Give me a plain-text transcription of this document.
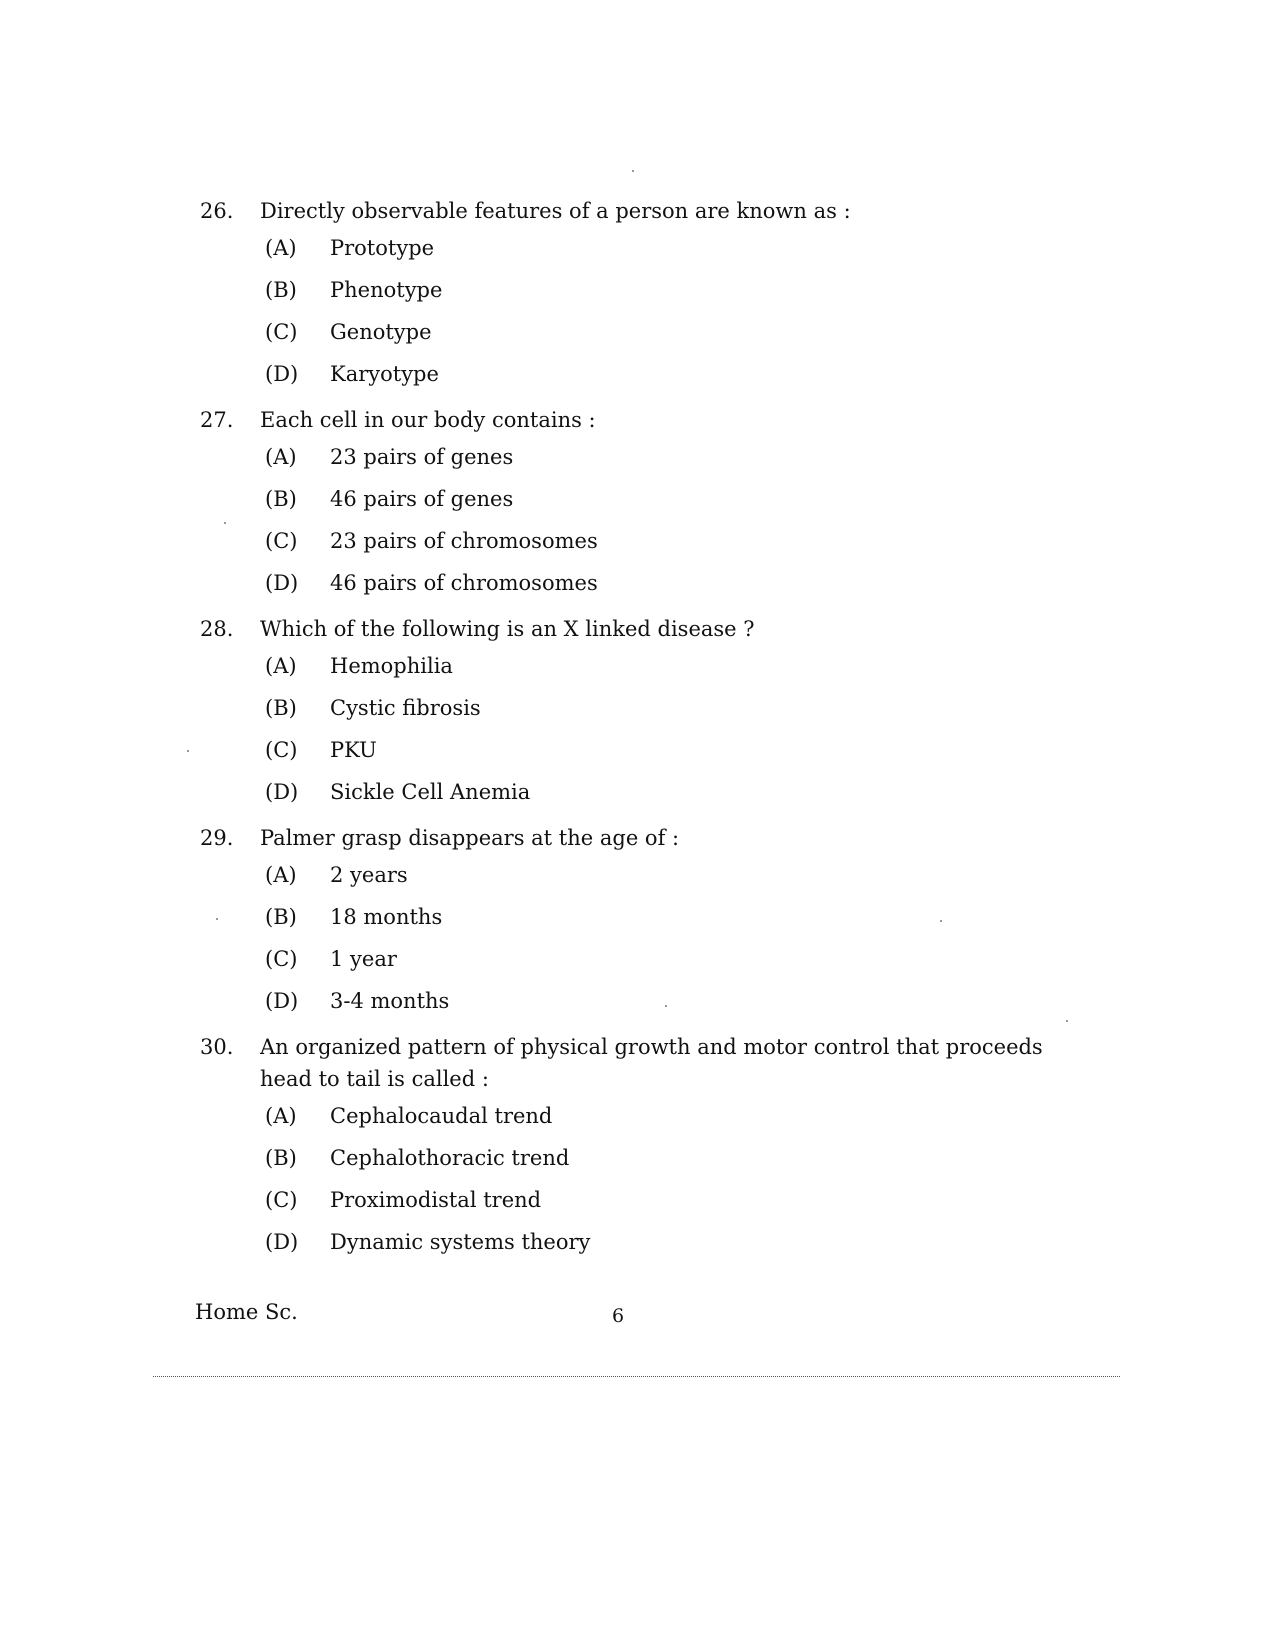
26.	Directly observable features of a person are known as :
(A)	Prototype
(B)	Phenotype
(C)	Genotype
(D)	Karyotype
27.	Each cell in our body contains :
(A)	23 pairs of genes
(B)	46 pairs of genes
(C)	23 pairs of chromosomes
(D)	46 pairs of chromosomes
28.	Which of the following is an X linked disease ?
(A)	Hemophilia
(B)	Cystic fibrosis
(C)	PKU
(D)	Sickle Cell Anemia
29.	Palmer grasp disappears at the age of :
(A)	2 years
(B)	18 months
(C)	1 year
(D)	3-4 months
30.	An organized pattern of physical growth and motor control that proceeds head to tail is called :
(A)	Cephalocaudal trend
(B)	Cephalothoracic trend
(C)	Proximodistal trend
(D)	Dynamic systems theory
Home Sc.	6
